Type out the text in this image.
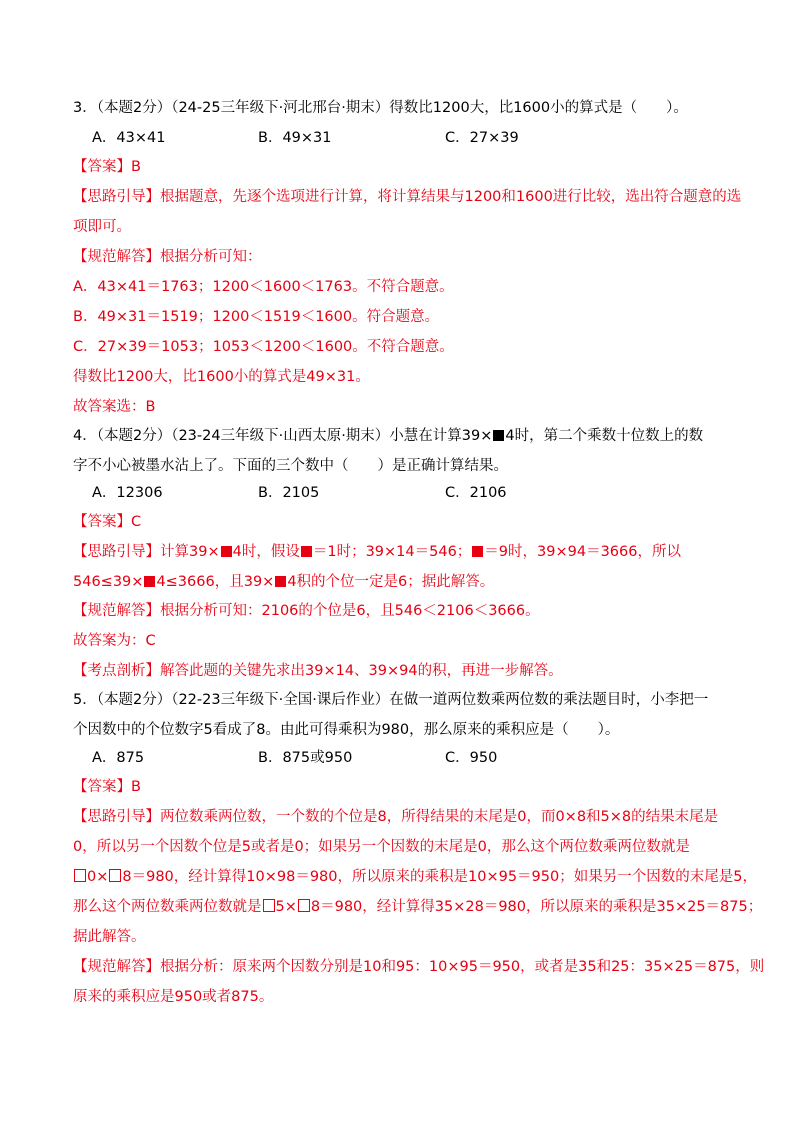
3．（本题2分）（24-25三年级下·河北邢台·期末）得数比1200大，比1600小的算式是（　　）。
A．43×41	B．49×31	C．27×39
【答案】B
【思路引导】根据题意，先逐个选项进行计算，将计算结果与1200和1600进行比较，选出符合题意的选
项即可。
【规范解答】根据分析可知：
A．43×41＝1763；1200＜1600＜1763。不符合题意。
B．49×31＝1519；1200＜1519＜1600。符合题意。
C．27×39＝1053；1053＜1200＜1600。不符合题意。
得数比1200大，比1600小的算式是49×31。
故答案选：B
4．（本题2分）（23-24三年级下·山西太原·期末）小慧在计算39× 4时，第二个乘数十位数上的数
字不小心被墨水沾上了。下面的三个数中（　　）是正确计算结果。
A．12306	B．2105	C．2106
【答案】C
【思路引导】计算39× 4时，假设 ＝1时；39×14＝546； ＝9时，39×94＝3666，所以
546≤39× 4≤3666，且39× 4积的个位一定是6；据此解答。
【规范解答】根据分析可知：2106的个位是6，且546＜2106＜3666。
故答案为：C
【考点剖析】解答此题的关键先求出39×14、39×94的积，再进一步解答。
5．（本题2分）（22-23三年级下·全国·课后作业）在做一道两位数乘两位数的乘法题目时，小李把一
个因数中的个位数字5看成了8。由此可得乘积为980，那么原来的乘积应是（　　）。
A．875	B．875或950	C．950
【答案】B
【思路引导】两位数乘两位数，一个数的个位是8，所得结果的末尾是0，而0×8和5×8的结果末尾是
0，所以另一个因数个位是5或者是0；如果另一个因数的末尾是0，那么这个两位数乘两位数就是
0× 8＝980，经计算得10×98＝980，所以原来的乘积是10×95＝950；如果另一个因数的末尾是5，
那么这个两位数乘两位数就是 5× 8＝980，经计算得35×28＝980，所以原来的乘积是35×25＝875；
据此解答。
【规范解答】根据分析：原来两个因数分别是10和95：10×95＝950，或者是35和25：35×25＝875，则
原来的乘积应是950或者875。
